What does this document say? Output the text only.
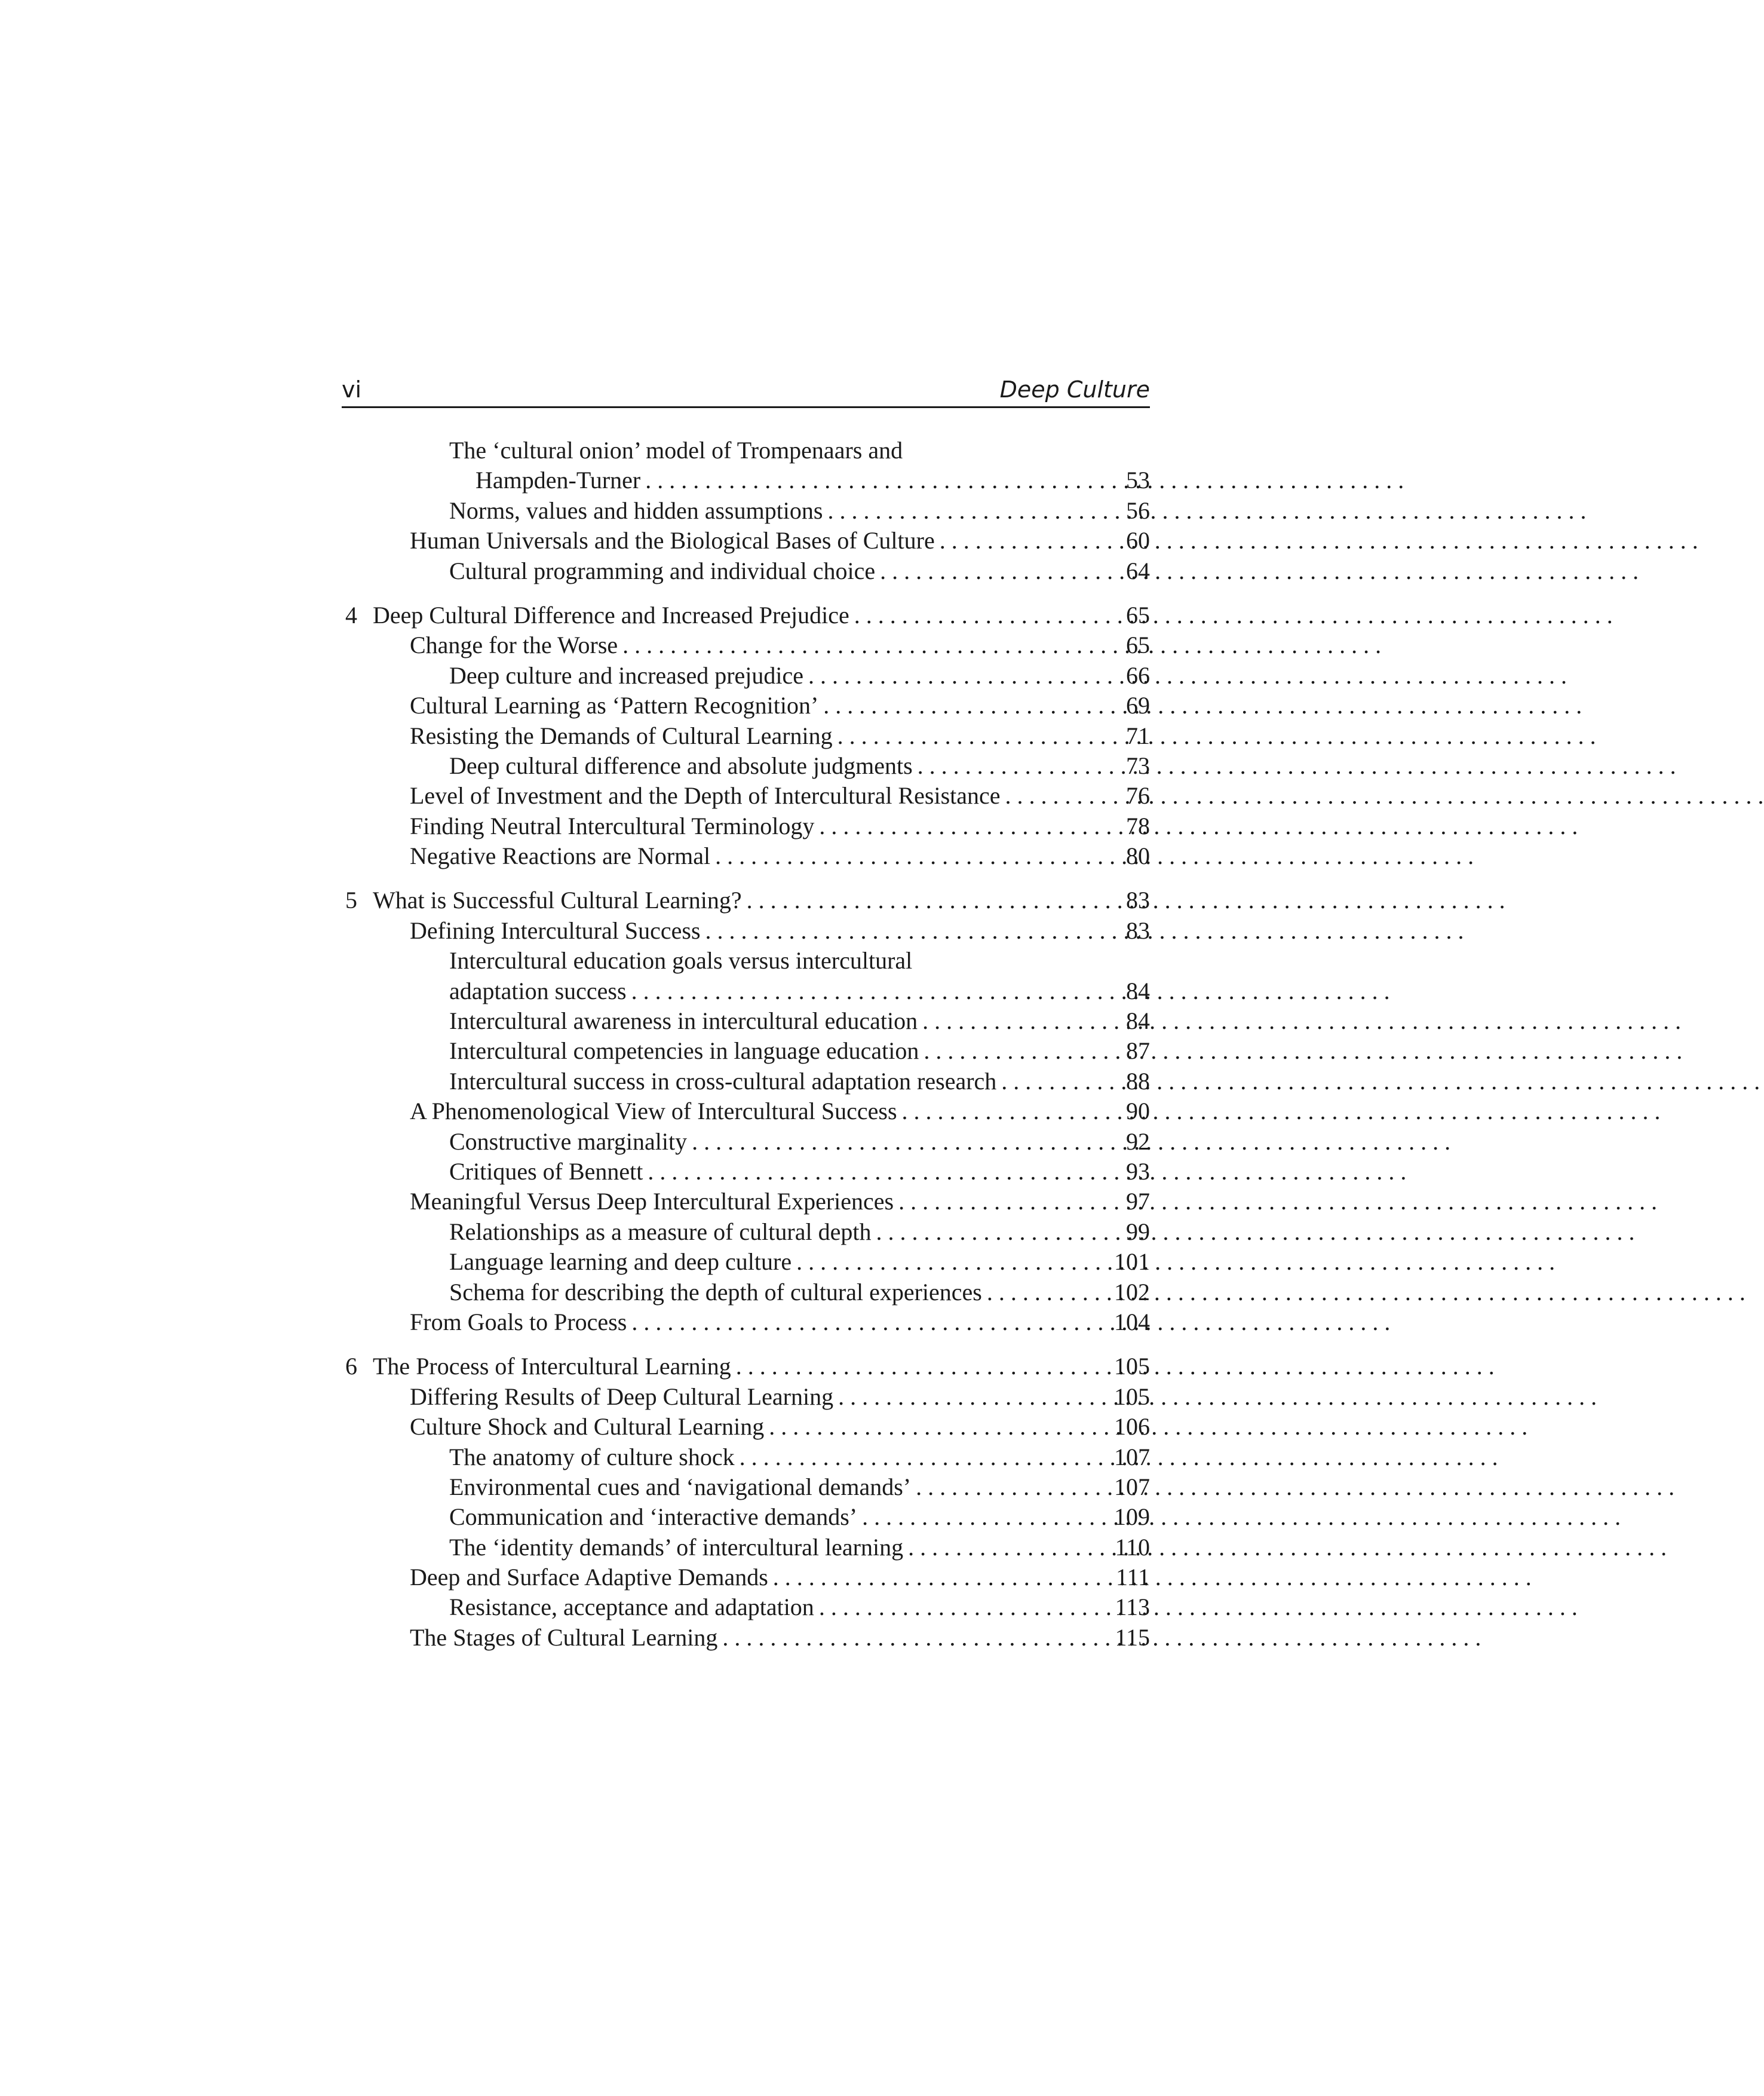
vi	Deep Culture
The ‘cultural onion’ model of Trompenaars and
Hampden-Turner . . .	53
Norms, values and hidden assumptions . . .	56
Human Universals and the Biological Bases of Culture . . .	60
Cultural programming and individual choice . . .	64
4 Deep Cultural Difference and Increased Prejudice . . .	65
Change for the Worse . . .	65
Deep culture and increased prejudice . . .	66
Cultural Learning as ‘Pattern Recognition’ . . .	69
Resisting the Demands of Cultural Learning . . .	71
Deep cultural difference and absolute judgments . . .	73
Level of Investment and the Depth of Intercultural Resistance . . .	76
Finding Neutral Intercultural Terminology . . .	78
Negative Reactions are Normal . . .	80
5 What is Successful Cultural Learning? . . .	83
Defining Intercultural Success . . .	83
Intercultural education goals versus intercultural
adaptation success . . .	84
Intercultural awareness in intercultural education . . .	84
Intercultural competencies in language education . . .	87
Intercultural success in cross-cultural adaptation research . . .	88
A Phenomenological View of Intercultural Success . . .	90
Constructive marginality . . .	92
Critiques of Bennett . . .	93
Meaningful Versus Deep Intercultural Experiences . . .	97
Relationships as a measure of cultural depth . . .	99
Language learning and deep culture . . .	101
Schema for describing the depth of cultural experiences . . .	102
From Goals to Process . . .	104
6 The Process of Intercultural Learning . . .	105
Differing Results of Deep Cultural Learning . . .	105
Culture Shock and Cultural Learning . . .	106
The anatomy of culture shock . . .	107
Environmental cues and ‘navigational demands’ . . .	107
Communication and ‘interactive demands’ . . .	109
The ‘identity demands’ of intercultural learning . . .	110
Deep and Surface Adaptive Demands . . .	111
Resistance, acceptance and adaptation . . .	113
The Stages of Cultural Learning . . .	115
